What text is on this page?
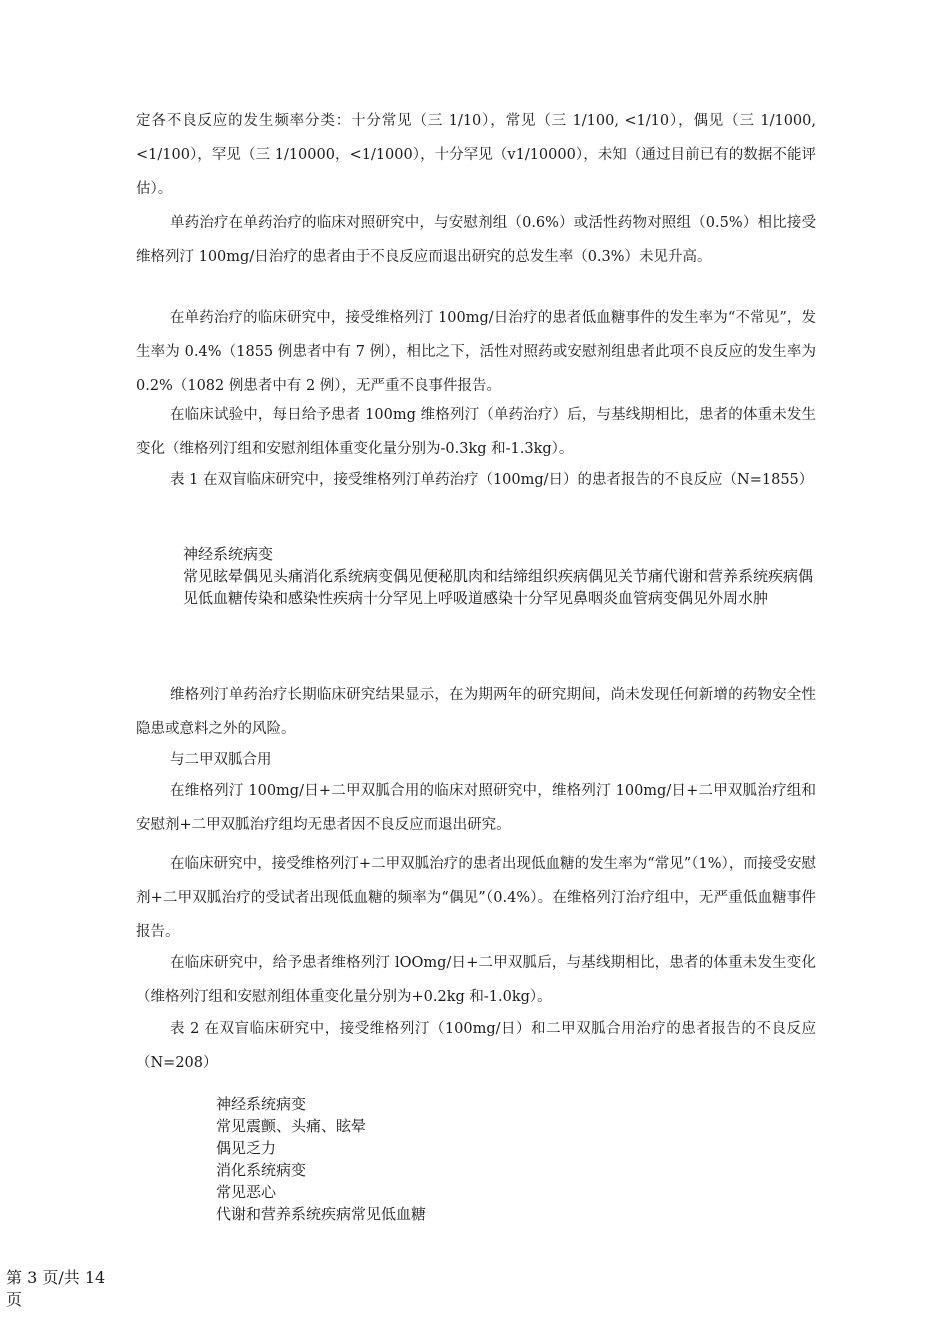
定各不良反应的发生频率分类：十分常见（三 1/10），常见（三 1/100, <1/10），偶见（三 1/1000, <1/100），罕见（三 1/10000，<1/1000），十分罕见（v1/10000），未知（通过目前已有的数据不能评估）。

单药治疗在单药治疗的临床对照研究中，与安慰剂组（0.6%）或活性药物对照组（0.5%）相比接受维格列汀 100mg/日治疗的患者由于不良反应而退出研究的总发生率（0.3%）未见升高。

在单药治疗的临床研究中，接受维格列汀 100mg/日治疗的患者低血糖事件的发生率为“不常见”，发生率为 0.4%（1855 例患者中有 7 例），相比之下，活性对照药或安慰剂组患者此项不良反应的发生率为 0.2%（1082 例患者中有 2 例），无严重不良事件报告。

在临床试验中，每日给予患者 100mg 维格列汀（单药治疗）后，与基线期相比，患者的体重未发生变化（维格列汀组和安慰剂组体重变化量分别为-0.3kg 和-1.3kg）。

表 1 在双盲临床研究中，接受维格列汀单药治疗（100mg/日）的患者报告的不良反应（N=1855）

神经系统病变
常见眩晕偶见头痛消化系统病变偶见便秘肌肉和结缔组织疾病偶见关节痛代谢和营养系统疾病偶见低血糖传染和感染性疾病十分罕见上呼吸道感染十分罕见鼻咽炎血管病变偶见外周水肿

维格列汀单药治疗长期临床研究结果显示，在为期两年的研究期间，尚未发现任何新增的药物安全性隐患或意料之外的风险。

与二甲双胍合用

在维格列汀 100mg/日+二甲双胍合用的临床对照研究中，维格列汀 100mg/日+二甲双胍治疗组和安慰剂+二甲双胍治疗组均无患者因不良反应而退出研究。

在临床研究中，接受维格列汀+二甲双胍治疗的患者出现低血糖的发生率为“常见”（1%），而接受安慰剂+二甲双胍治疗的受试者出现低血糖的频率为“偶见”（0.4%）。在维格列汀治疗组中，无严重低血糖事件报告。

在临床研究中，给予患者维格列汀 lOOmg/日+二甲双胍后，与基线期相比，患者的体重未发生变化（维格列汀组和安慰剂组体重变化量分别为+0.2kg 和-1.0kg）。

表 2 在双盲临床研究中，接受维格列汀（100mg/日）和二甲双胍合用治疗的患者报告的不良反应（N=208）

神经系统病变
常见震颤、头痛、眩晕
偶见乏力
消化系统病变
常见恶心
代谢和营养系统疾病常见低血糖
第 3 页/共 14 页
